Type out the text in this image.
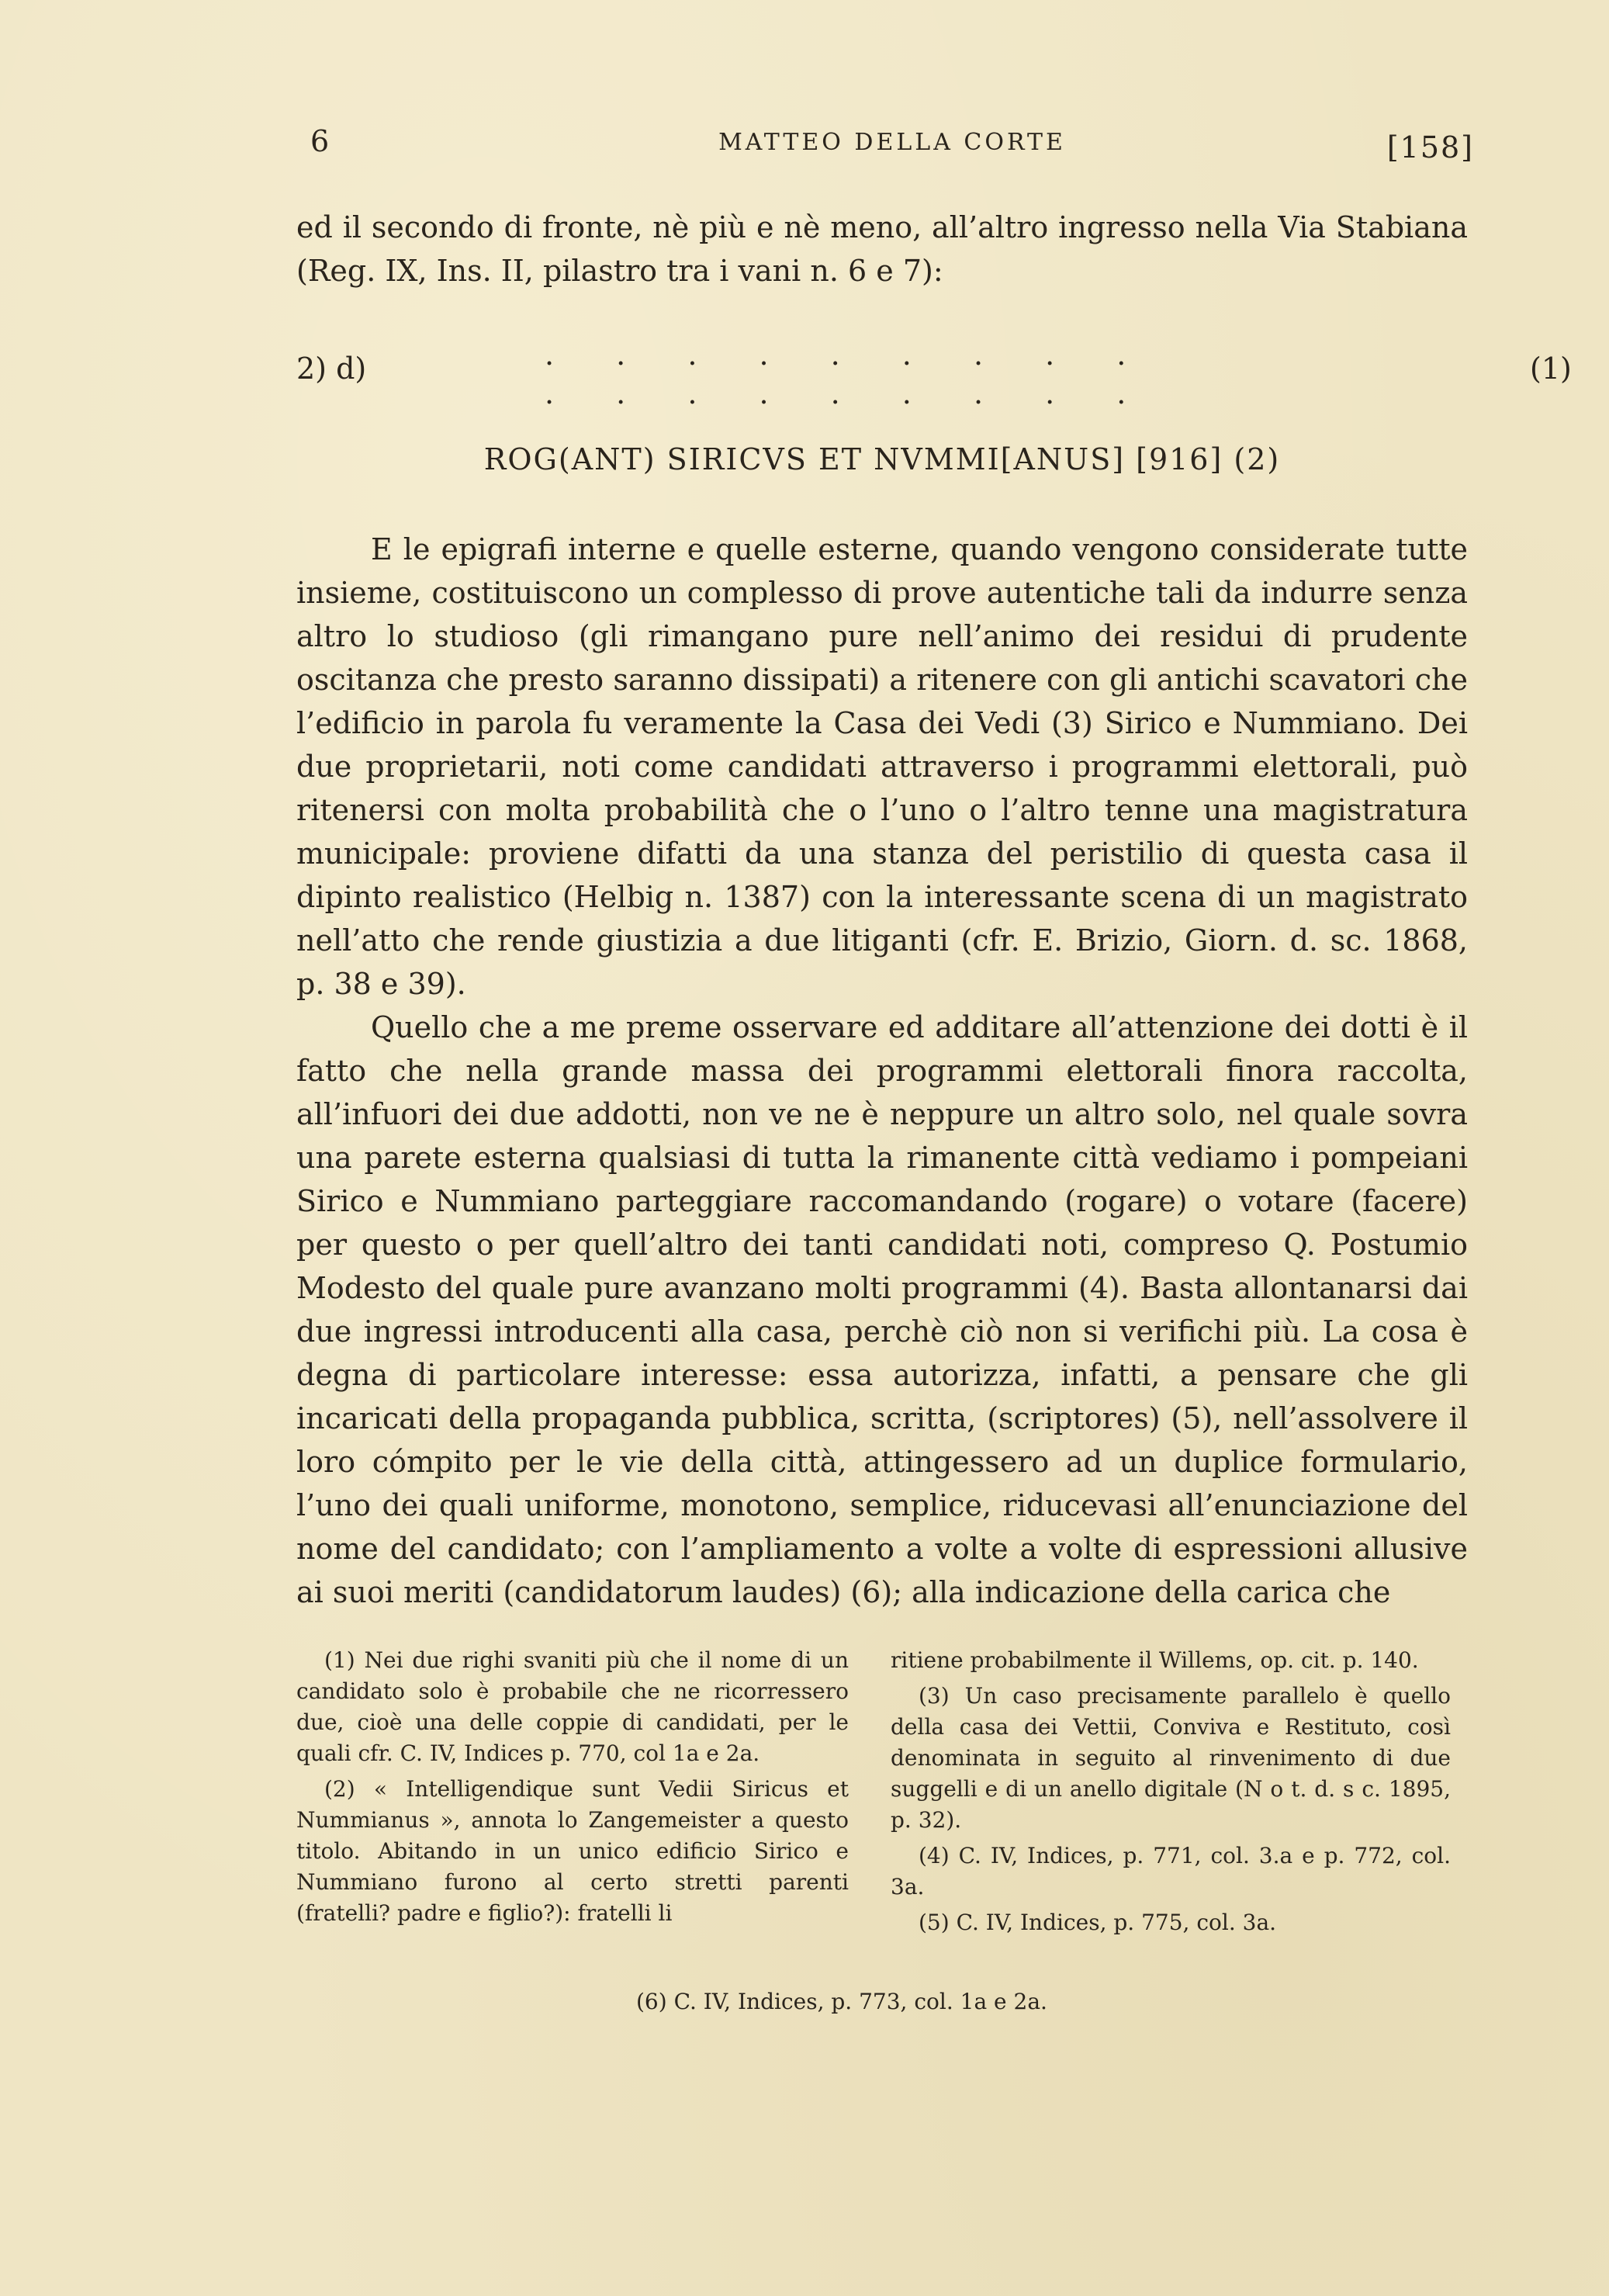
6	MATTEO DELLA CORTE	[158]

ed il secondo di fronte, nè più e nè meno, all’altro ingresso nella Via Stabiana (Reg. IX, Ins. II, pilastro tra i vani n. 6 e 7):

2) d)	. . . . . . . . .
. . . . . . . . .
(1)
ROG(ANT) SIRICVS ET NVMMI[ANUS] [916] (2)

E le epigrafi interne e quelle esterne, quando vengono considerate tutte insieme, costituiscono un complesso di prove autentiche tali da indurre senza altro lo studioso (gli rimangano pure nell’animo dei residui di prudente oscitanza che presto saranno dissipati) a ritenere con gli antichi scavatori che l’edificio in parola fu veramente la Casa dei Vedi (3) Sirico e Nummiano. Dei due proprietarii, noti come candidati attraverso i programmi elettorali, può ritenersi con molta probabilità che o l’uno o l’altro tenne una magistratura municipale: proviene difatti da una stanza del peristilio di questa casa il dipinto realistico (Helbig n. 1387) con la interessante scena di un magistrato nell’atto che rende giustizia a due litiganti (cfr. E. Brizio, Giorn. d. sc. 1868, p. 38 e 39).

Quello che a me preme osservare ed additare all’attenzione dei dotti è il fatto che nella grande massa dei programmi elettorali finora raccolta, all’infuori dei due addotti, non ve ne è neppure un altro solo, nel quale sovra una parete esterna qualsiasi di tutta la rimanente città vediamo i pompeiani Sirico e Nummiano parteggiare raccomandando (rogare) o votare (facere) per questo o per quell’altro dei tanti candidati noti, compreso Q. Postumio Modesto del quale pure avanzano molti programmi (4). Basta allontanarsi dai due ingressi introducenti alla casa, perchè ciò non si verifichi più. La cosa è degna di particolare interesse: essa autorizza, infatti, a pensare che gli incaricati della propaganda pubblica, scritta, (scriptores) (5), nell’assolvere il loro cómpito per le vie della città, attingessero ad un duplice formulario, l’uno dei quali uniforme, monotono, semplice, riducevasi all’enunciazione del nome del candidato; con l’ampliamento a volte a volte di espressioni allusive ai suoi meriti (candidatorum laudes) (6); alla indicazione della carica che

(1) Nei due righi svaniti più che il nome di un candidato solo è probabile che ne ricorressero due, cioè una delle coppie di candidati, per le quali cfr. C. IV, Indices p. 770, col 1a e 2a.

(2) « Intelligendique sunt Vedii Siricus et Nummianus », annota lo Zangemeister a questo titolo. Abitando in un unico edificio Sirico e Nummiano furono al certo stretti parenti (fratelli? padre e figlio?): fratelli li

ritiene probabilmente il Willems, op. cit. p. 140.

(3) Un caso precisamente parallelo è quello della casa dei Vettii, Conviva e Restituto, così denominata in seguito al rinvenimento di due suggelli e di un anello digitale (N o t. d. s c. 1895, p. 32).

(4) C. IV, Indices, p. 771, col. 3.a e p. 772, col. 3a.

(5) C. IV, Indices, p. 775, col. 3a.

(6) C. IV, Indices, p. 773, col. 1a e 2a.
